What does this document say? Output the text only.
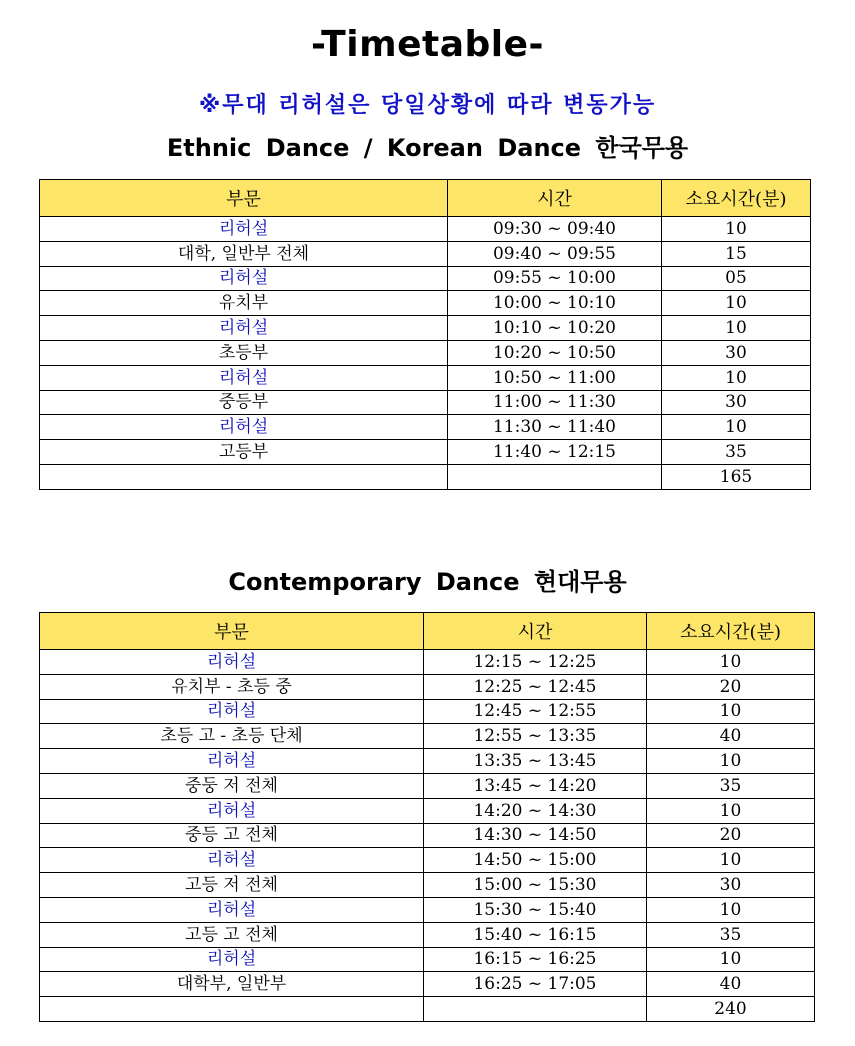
-Timetable-
※무대 리허설은 당일상황에 따라 변동가능
Ethnic Dance / Korean Dance 한국무용
부문	시간	소요시간(분)
리허설	09:30 ~ 09:40	10
대학, 일반부 전체	09:40 ~ 09:55	15
리허설	09:55 ~ 10:00	05
유치부	10:00 ~ 10:10	10
리허설	10:10 ~ 10:20	10
초등부	10:20 ~ 10:50	30
리허설	10:50 ~ 11:00	10
중등부	11:00 ~ 11:30	30
리허설	11:30 ~ 11:40	10
고등부	11:40 ~ 12:15	35
		165
Contemporary Dance 현대무용
부문	시간	소요시간(분)
리허설	12:15 ~ 12:25	10
유치부 - 초등 중	12:25 ~ 12:45	20
리허설	12:45 ~ 12:55	10
초등 고 - 초등 단체	12:55 ~ 13:35	40
리허설	13:35 ~ 13:45	10
중둥 저 전체	13:45 ~ 14:20	35
리허설	14:20 ~ 14:30	10
중등 고 전체	14:30 ~ 14:50	20
리허설	14:50 ~ 15:00	10
고등 저 전체	15:00 ~ 15:30	30
리허설	15:30 ~ 15:40	10
고등 고 전체	15:40 ~ 16:15	35
리허설	16:15 ~ 16:25	10
대학부, 일반부	16:25 ~ 17:05	40
		240
